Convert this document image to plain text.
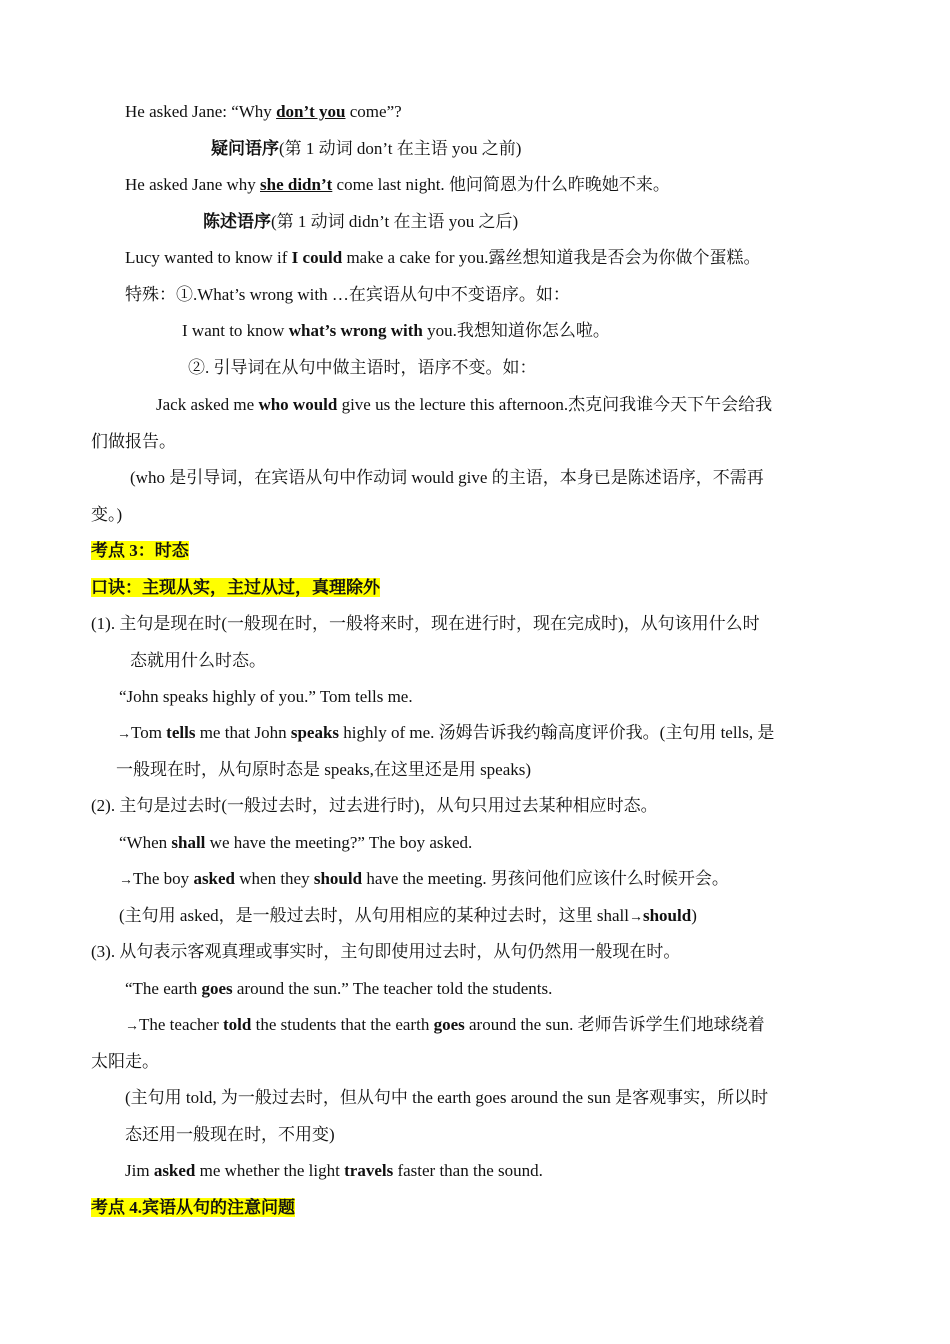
He asked Jane: “Why don’t you come”?
疑问语序(第 1 动词 don’t 在主语 you 之前)
He asked Jane why she didn’t come last night. 他问简恩为什么昨晚她不来。
陈述语序(第 1 动词 didn’t 在主语 you 之后)
Lucy wanted to know if I could make a cake for you.露丝想知道我是否会为你做个蛋糕。
特殊：①.What’s wrong with …在宾语从句中不变语序。如：
I want to know what’s wrong with you.我想知道你怎么啦。
②. 引导词在从句中做主语时，语序不变。如：
Jack asked me who would give us the lecture this afternoon.杰克问我谁今天下午会给我
们做报告。
(who 是引导词，在宾语从句中作动词 would give 的主语，本身已是陈述语序，不需再
变。)
考点 3：时态
口诀：主现从实，主过从过，真理除外
(1). 主句是现在时(一般现在时，一般将来时，现在进行时，现在完成时)，从句该用什么时
态就用什么时态。
“John speaks highly of you.” Tom tells me.
→Tom tells me that John speaks highly of me. 汤姆告诉我约翰高度评价我。(主句用 tells, 是
一般现在时，从句原时态是 speaks,在这里还是用 speaks)
(2). 主句是过去时(一般过去时，过去进行时)，从句只用过去某种相应时态。
“When shall we have the meeting?” The boy asked.
→The boy asked when they should have the meeting. 男孩问他们应该什么时候开会。
(主句用 asked，是一般过去时，从句用相应的某种过去时，这里 shall→should)
(3). 从句表示客观真理或事实时，主句即使用过去时，从句仍然用一般现在时。
“The earth goes around the sun.” The teacher told the students.
→The teacher told the students that the earth goes around the sun. 老师告诉学生们地球绕着
太阳走。
(主句用 told, 为一般过去时，但从句中 the earth goes around the sun 是客观事实，所以时
态还用一般现在时，不用变)
Jim asked me whether the light travels faster than the sound.
考点 4.宾语从句的注意问题
